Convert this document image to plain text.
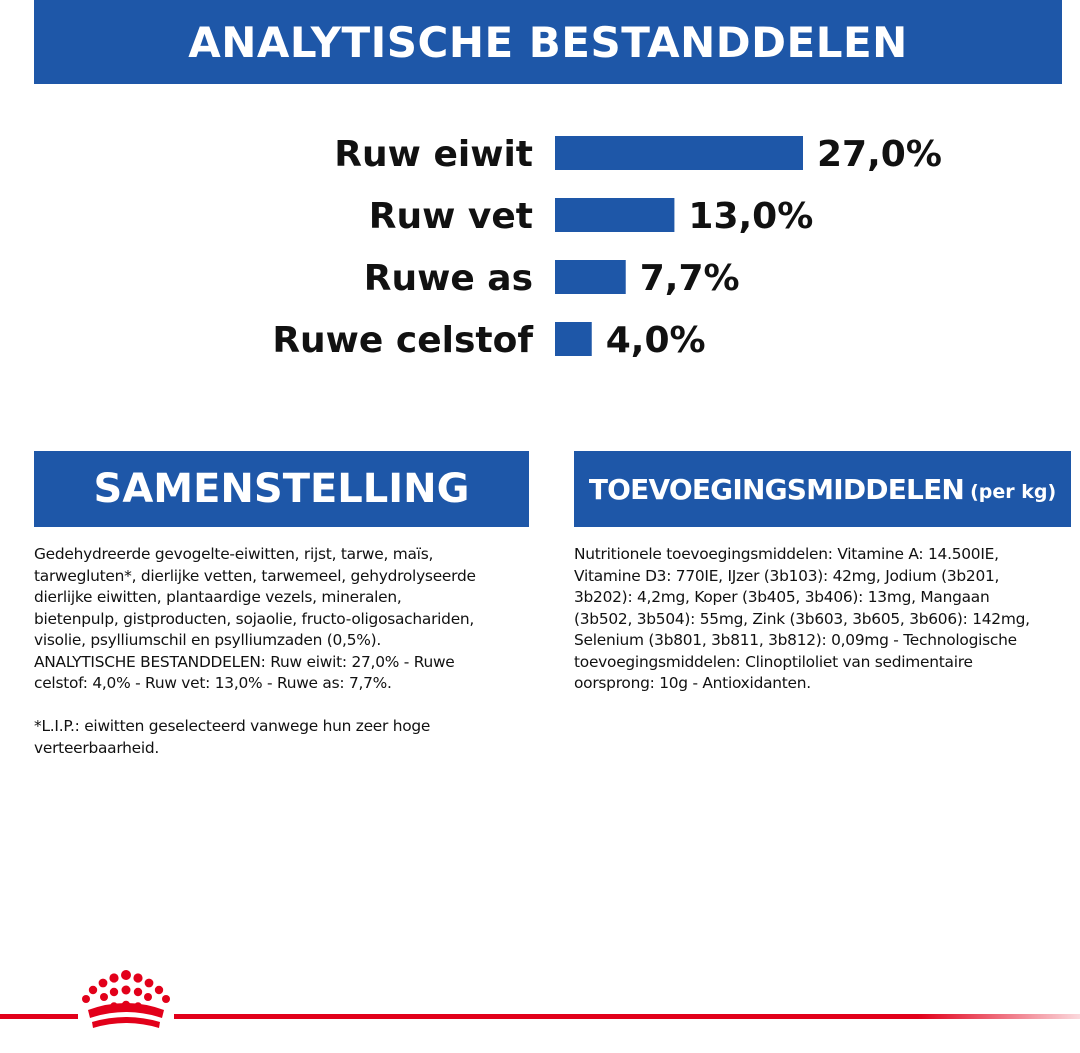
ANALYTISCHE BESTANDDELEN
Ruw eiwit	27,0%
Ruw vet	13,0%
Ruwe as	7,7%
Ruwe celstof 4,0%
SAMENSTELLING
Gedehydreerde gevogelte-eiwitten, rijst, tarwe, maïs,
tarwegluten*, dierlijke vetten, tarwemeel, gehydrolyseerde
dierlijke eiwitten, plantaardige vezels, mineralen,
bietenpulp, gistproducten, sojaolie, fructo-oligosachariden,
visolie, psylliumschil en psylliumzaden (0,5%).
ANALYTISCHE BESTANDDELEN: Ruw eiwit: 27,0% - Ruwe
celstof: 4,0% - Ruw vet: 13,0% - Ruwe as: 7,7%.
*L.I.P.: eiwitten geselecteerd vanwege hun zeer hoge
verteerbaarheid.
TOEVOEGINGSMIDDELEN (per kg)
Nutritionele toevoegingsmiddelen: Vitamine A: 14.500IE,
Vitamine D3: 770IE, IJzer (3b103): 42mg, Jodium (3b201,
3b202): 4,2mg, Koper (3b405, 3b406): 13mg, Mangaan
(3b502, 3b504): 55mg, Zink (3b603, 3b605, 3b606): 142mg,
Selenium (3b801, 3b811, 3b812): 0,09mg - Technologische
toevoegingsmiddelen: Clinoptiloliet van sedimentaire
oorsprong: 10g - Antioxidanten.
